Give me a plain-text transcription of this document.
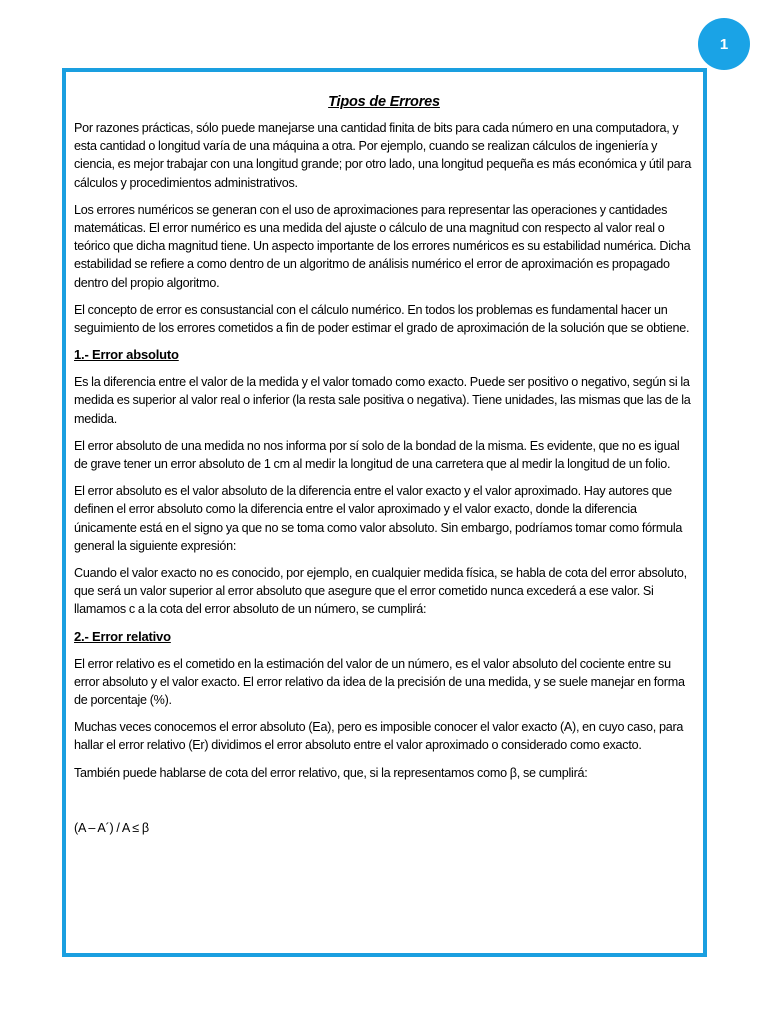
1
Tipos de Errores

Por razones prácticas, sólo puede manejarse una cantidad finita de bits para cada número en una computadora, y esta cantidad o longitud varía de una máquina a otra. Por ejemplo, cuando se realizan cálculos de ingeniería y ciencia, es mejor trabajar con una longitud grande; por otro lado, una longitud pequeña es más económica y útil para cálculos y procedimientos administrativos.

Los errores numéricos se generan con el uso de aproximaciones para representar las operaciones y cantidades matemáticas. El error numérico es una medida del ajuste o cálculo de una magnitud con respecto al valor real o teórico que dicha magnitud tiene. Un aspecto importante de los errores numéricos es su estabilidad numérica. Dicha estabilidad se refiere a como dentro de un algoritmo de análisis numérico el error de aproximación es propagado dentro del propio algoritmo.

El concepto de error es consustancial con el cálculo numérico. En todos los problemas es fundamental hacer un seguimiento de los errores cometidos a fin de poder estimar el grado de aproximación de la solución que se obtiene.

1.- Error absoluto

Es la diferencia entre el valor de la medida y el valor tomado como exacto. Puede ser positivo o negativo, según si la medida es superior al valor real o inferior (la resta sale positiva o negativa). Tiene unidades, las mismas que las de la medida.

El error absoluto de una medida no nos informa por sí solo de la bondad de la misma. Es evidente, que no es igual de grave tener un error absoluto de 1 cm al medir la longitud de una carretera que al medir la longitud de un folio.

El error absoluto es el valor absoluto de la diferencia entre el valor exacto y el valor aproximado. Hay autores que definen el error absoluto como la diferencia entre el valor aproximado y el valor exacto, donde la diferencia únicamente está en el signo ya que no se toma como valor absoluto. Sin embargo, podríamos tomar como fórmula general la siguiente expresión:

Cuando el valor exacto no es conocido, por ejemplo, en cualquier medida física, se habla de cota del error absoluto, que será un valor superior al error absoluto que asegure que el error cometido nunca excederá a ese valor. Si llamamos c a la cota del error absoluto de un número, se cumplirá:

2.- Error relativo

El error relativo es el cometido en la estimación del valor de un número, es el valor absoluto del cociente entre su error absoluto y el valor exacto. El error relativo da idea de la precisión de una medida, y se suele manejar en forma de porcentaje (%).

Muchas veces conocemos el error absoluto (Ea), pero es imposible conocer el valor exacto (A), en cuyo caso, para hallar el error relativo (Er) dividimos el error absoluto entre el valor aproximado o considerado como exacto.

También puede hablarse de cota del error relativo, que, si la representamos como β, se cumplirá:

(A – A´) / A ≤ β
